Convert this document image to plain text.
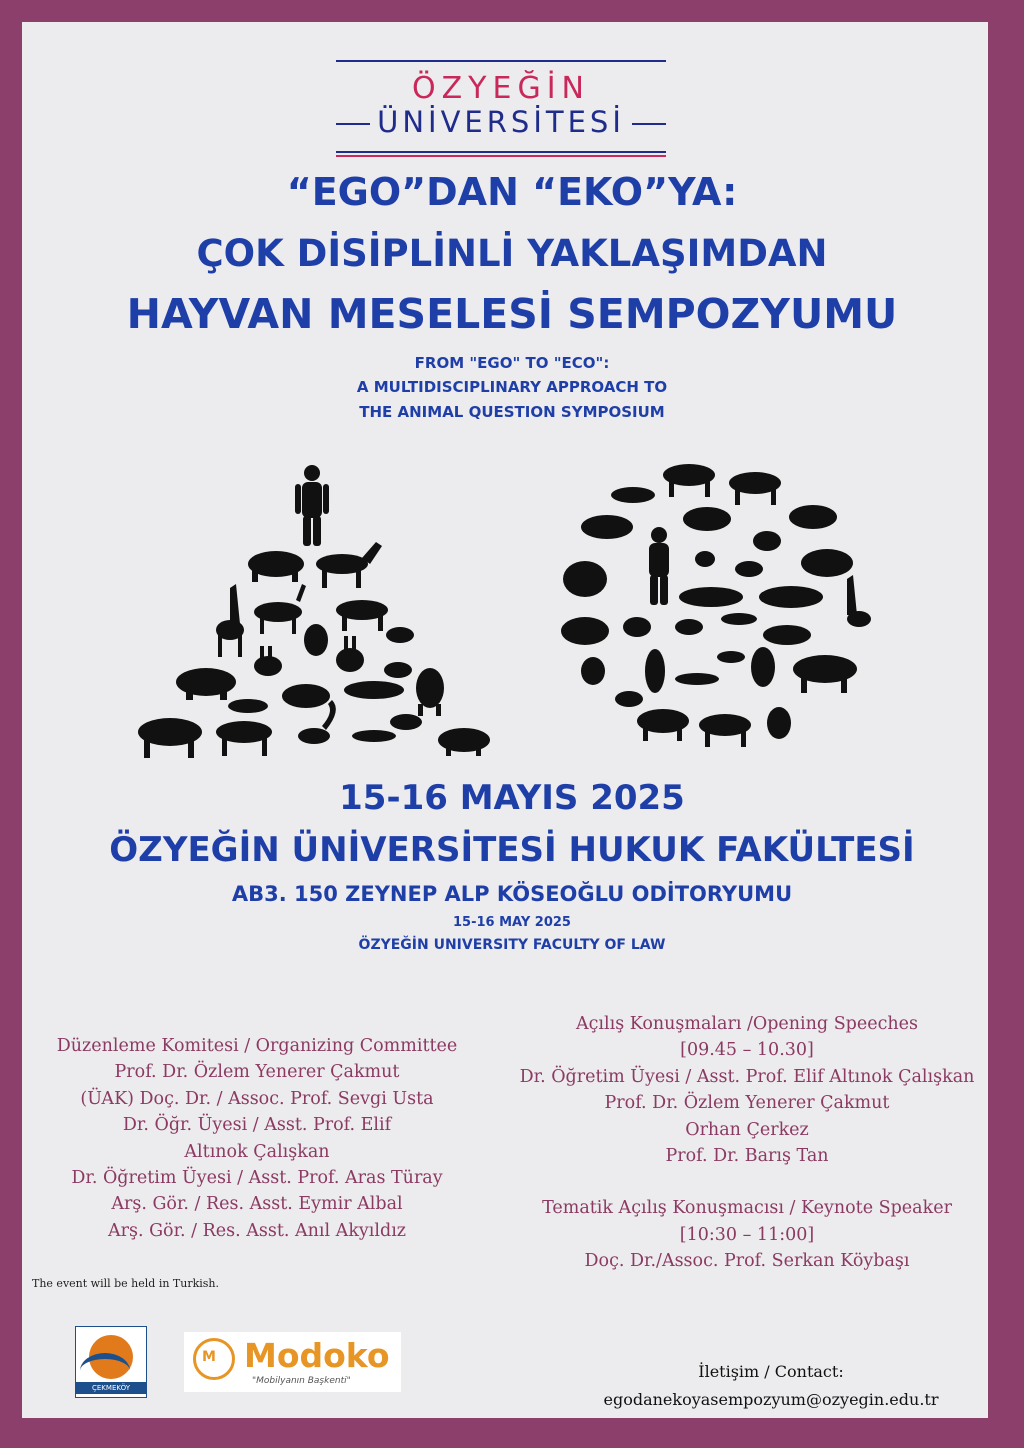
ÖZYEĞİN
ÜNİVERSİTESİ
“EGO”DAN “EKO”YA:
ÇOK DİSİPLİNLİ YAKLAŞIMDAN
HAYVAN MESELESİ SEMPOZYUMU
FROM "EGO" TO "ECO":
A MULTIDISCIPLINARY APPROACH TO
THE ANIMAL QUESTION SYMPOSIUM
15-16 MAYIS 2025
ÖZYEĞİN ÜNİVERSİTESİ HUKUK FAKÜLTESİ
AB3. 150 ZEYNEP ALP KÖSEOĞLU ODİTORYUMU
15-16 MAY 2025
ÖZYEĞİN UNIVERSITY FACULTY OF LAW
Düzenleme Komitesi / Organizing Committee
Prof. Dr. Özlem Yenerer Çakmut
(ÜAK) Doç. Dr. / Assoc. Prof. Sevgi Usta
Dr. Öğr. Üyesi / Asst. Prof. Elif
Altınok Çalışkan
Dr. Öğretim Üyesi / Asst. Prof. Aras Türay
Arş. Gör. / Res. Asst. Eymir Albal
Arş. Gör. / Res. Asst. Anıl Akyıldız
Açılış Konuşmaları /Opening Speeches
[09.45 – 10.30]
Dr. Öğretim Üyesi / Asst. Prof. Elif Altınok Çalışkan
Prof. Dr. Özlem Yenerer Çakmut
Orhan Çerkez
Prof. Dr. Barış Tan
Tematik Açılış Konuşmacısı / Keynote Speaker
[10:30 – 11:00]
Doç. Dr./Assoc. Prof. Serkan Köybaşı
The event will be held in Turkish.
ÇEKMEKÖY
M Modoko
"Mobilyanın Başkenti"	İletişim / Contact:
egodanekoyasempozyum@ozyegin.edu.tr
